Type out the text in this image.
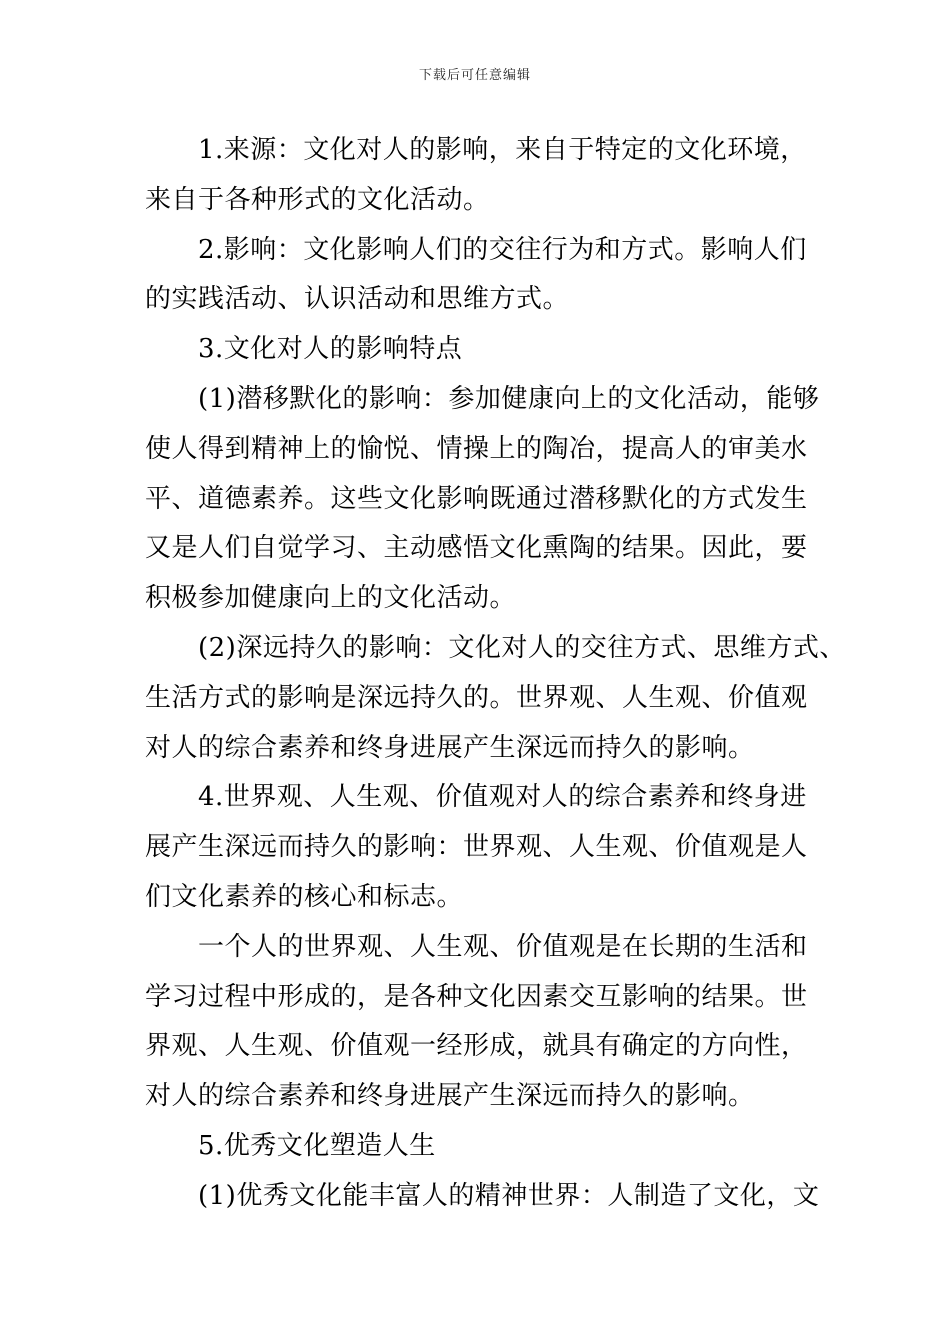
下载后可任意编辑
1.来源：文化对人的影响，来自于特定的文化环境，
来自于各种形式的文化活动。
2.影响：文化影响人们的交往行为和方式。影响人们
的实践活动、认识活动和思维方式。
3.文化对人的影响特点
(1)潜移默化的影响：参加健康向上的文化活动，能够
使人得到精神上的愉悦、情操上的陶冶，提高人的审美水
平、道德素养。这些文化影响既通过潜移默化的方式发生
又是人们自觉学习、主动感悟文化熏陶的结果。因此，要
积极参加健康向上的文化活动。
(2)深远持久的影响：文化对人的交往方式、思维方式、
生活方式的影响是深远持久的。世界观、人生观、价值观
对人的综合素养和终身进展产生深远而持久的影响。
4.世界观、人生观、价值观对人的综合素养和终身进
展产生深远而持久的影响：世界观、人生观、价值观是人
们文化素养的核心和标志。
一个人的世界观、人生观、价值观是在长期的生活和
学习过程中形成的，是各种文化因素交互影响的结果。世
界观、人生观、价值观一经形成，就具有确定的方向性，
对人的综合素养和终身进展产生深远而持久的影响。
5.优秀文化塑造人生
(1)优秀文化能丰富人的精神世界：人制造了文化，文
